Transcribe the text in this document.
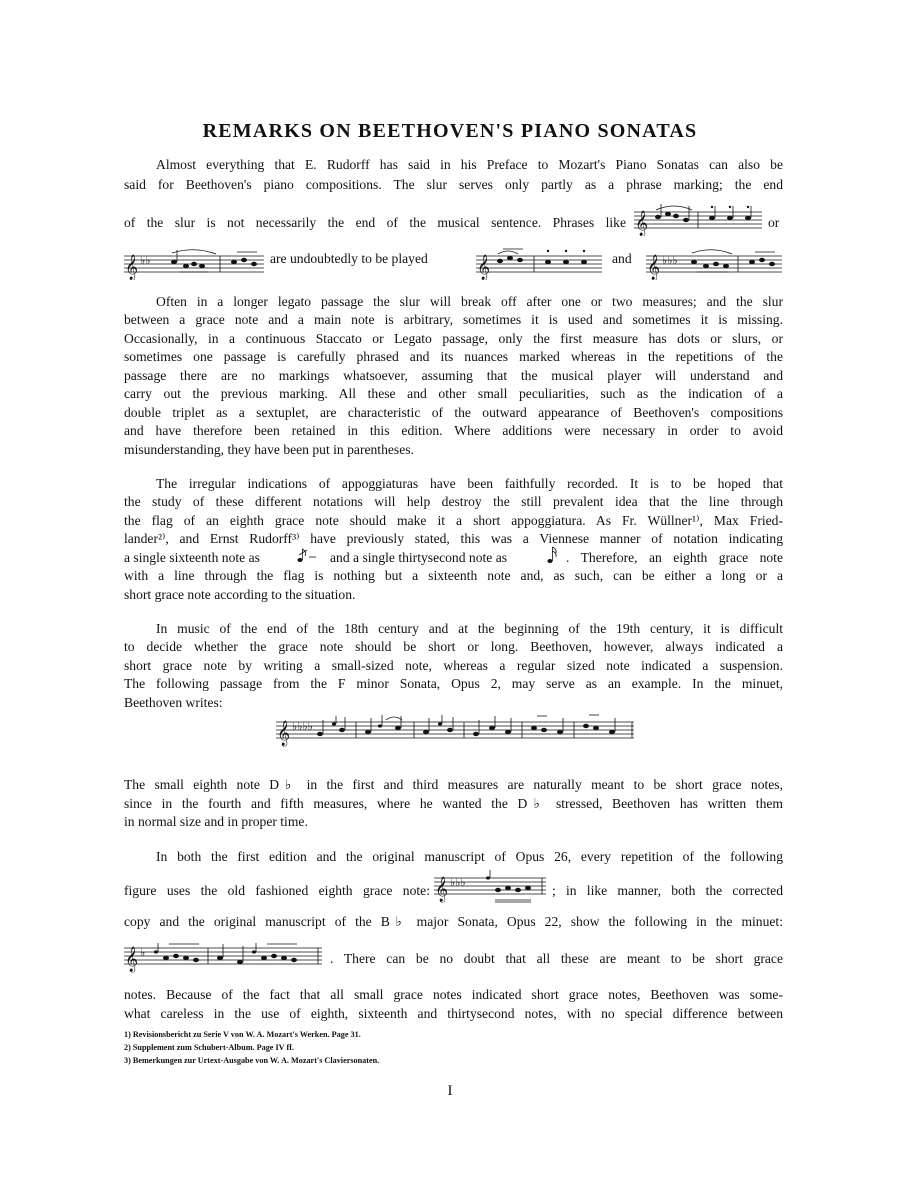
REMARKS ON BEETHOVEN'S PIANO SONATAS
Almost everything that E. Rudorff has said in his Preface to Mozart's Piano Sonatas can also be
said for Beethoven's piano compositions. The slur serves only partly as a phrase marking; the end
of the slur is not necessarily the end of the musical sentence. Phrases like 𝄞	or
𝄞 ♭♭	are undoubtedly to be played 𝄞	and 𝄞 ♭♭♭
Often in a longer legato passage the slur will break off after one or two measures; and the slur
between a grace note and a main note is arbitrary, sometimes it is used and sometimes it is missing.
Occasionally, in a continuous Staccato or Legato passage, only the first measure has dots or slurs, or
sometimes one passage is carefully phrased and its nuances marked whereas in the repetitions of the
passage there are no markings whatsoever, assuming that the musical player will understand and
carry out the previous marking. All these and other small peculiarities, such as the indication of a
double triplet as a sextuplet, are characteristic of the outward appearance of Beethoven's compositions
and have therefore been retained in this edition. Where additions were necessary in order to avoid
misunderstanding, they have been put in parentheses.
The irregular indications of appoggiaturas have been faithfully recorded. It is to be hoped that
the study of these different notations will help destroy the still prevalent idea that the line through
the flag of an eighth grace note should make it a short appoggiatura. As Fr. Wüllner¹⁾, Max Fried-
lander²⁾, and Ernst Rudorff³⁾ have previously stated, this was a Viennese manner of notation indicating
a single sixteenth note as	and a single thirtysecond note as	. Therefore, an eighth grace note
with a line through the flag is nothing but a sixteenth note and, as such, can be either a long or a
short grace note according to the situation.
In music of the end of the 18th century and at the beginning of the 19th century, it is difficult
to decide whether the grace note should be short or long. Beethoven, however, always indicated a
short grace note by writing a small-sized note, whereas a regular sized note indicated a suspension.
The following passage from the F minor Sonata, Opus 2, may serve as an example. In the minuet,
Beethoven writes:
𝄞 ♭♭♭♭
The small eighth note D♭ in the first and third measures are naturally meant to be short grace notes,
since in the fourth and fifth measures, where he wanted the D♭ stressed, Beethoven has written them
in normal size and in proper time.
In both the first edition and the original manuscript of Opus 26, every repetition of the following
figure uses the old fashioned eighth grace note: 𝄞 ♭♭♭
; in like manner, both the corrected
copy and the original manuscript of the B♭ major Sonata, Opus 22, show the following in the minuet:
𝄞 ♭	. There can be no doubt that all these are meant to be short grace
notes. Because of the fact that all small grace notes indicated short grace notes, Beethoven was some-
what careless in the use of eighth, sixteenth and thirtysecond notes, with no special difference between
1) Revisionsbericht zu Serie V von W. A. Mozart's Werken. Page 31.
2) Supplement zum Schubert-Album. Page IV ff.
3) Bemerkungen zur Urtext-Ausgabe von W. A. Mozart's Claviersonaten.
I
